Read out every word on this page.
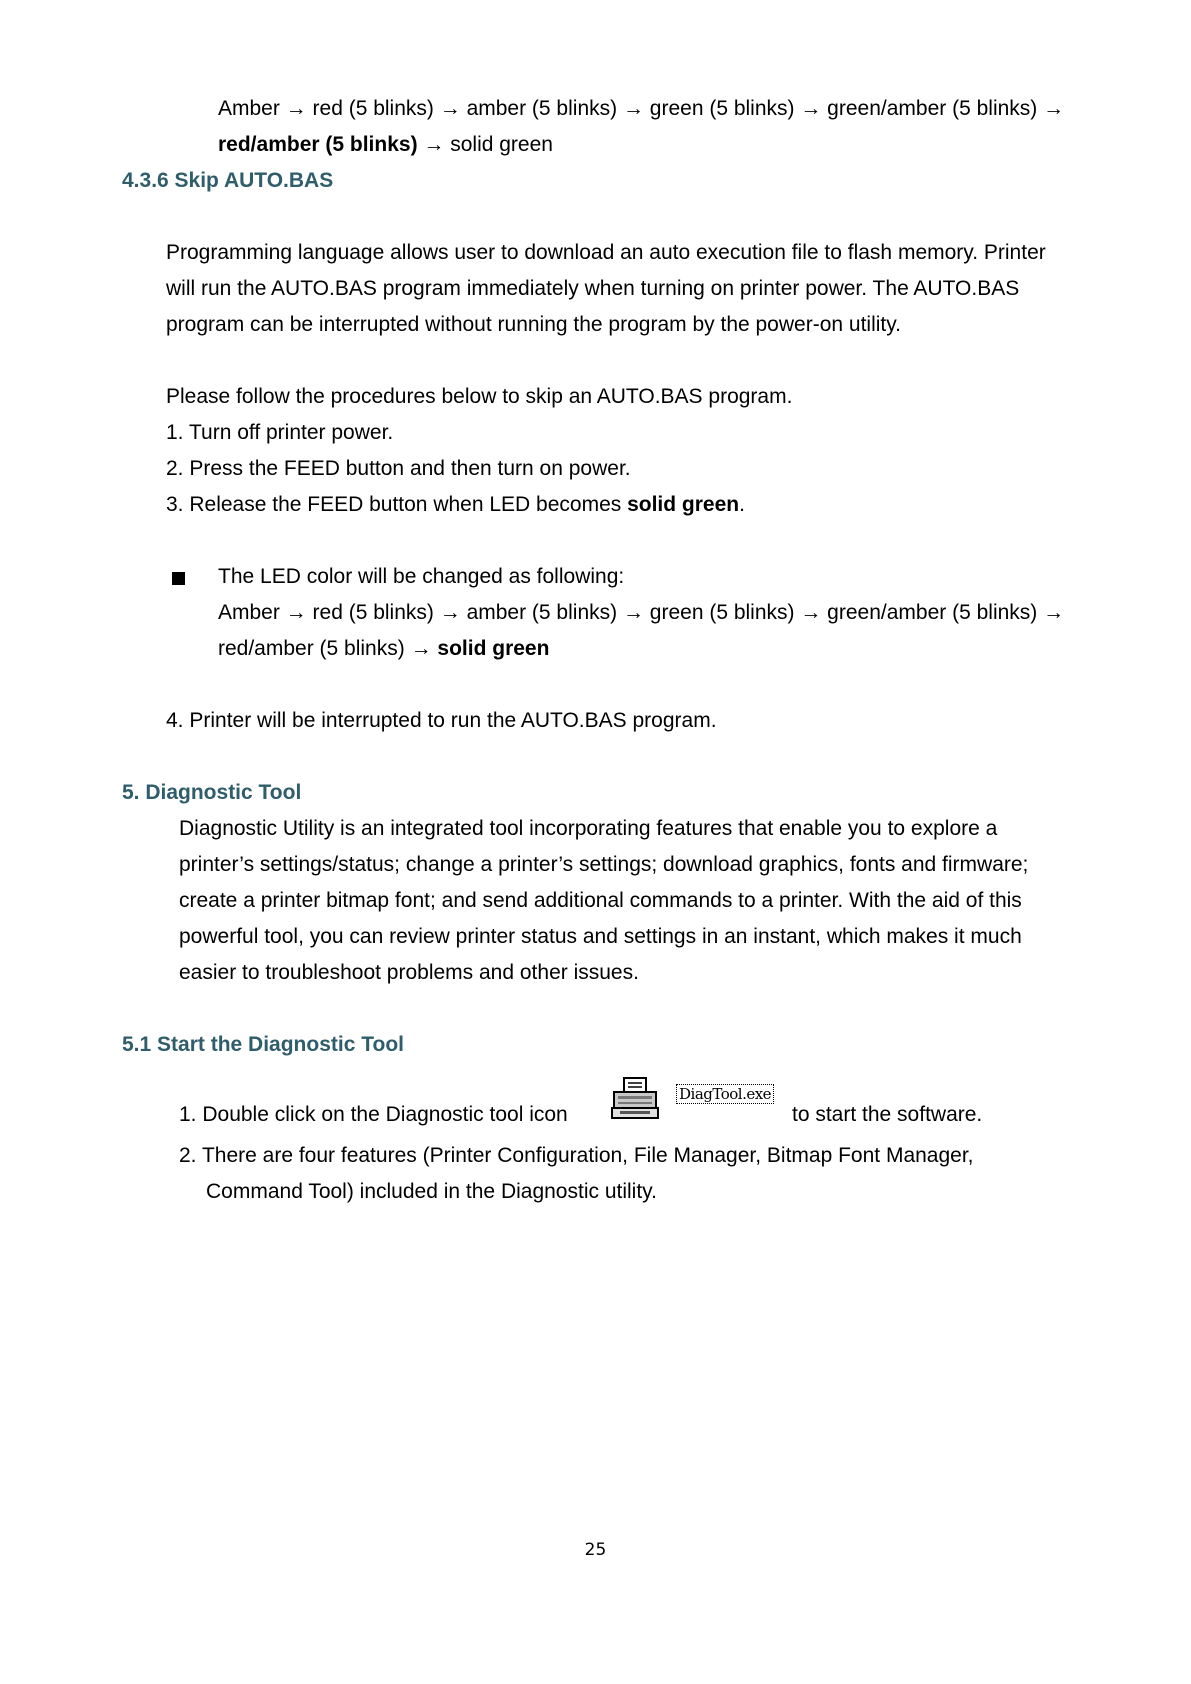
Amber → red (5 blinks) → amber (5 blinks) → green (5 blinks) → green/amber (5 blinks) →
red/amber (5 blinks) → solid green
4.3.6 Skip AUTO.BAS
Programming language allows user to download an auto execution file to flash memory. Printer
will run the AUTO.BAS program immediately when turning on printer power. The AUTO.BAS
program can be interrupted without running the program by the power-on utility.
Please follow the procedures below to skip an AUTO.BAS program.
1. Turn off printer power.
2. Press the FEED button and then turn on power.
3. Release the FEED button when LED becomes solid green.
The LED color will be changed as following:
Amber → red (5 blinks) → amber (5 blinks) → green (5 blinks) → green/amber (5 blinks) →
red/amber (5 blinks) → solid green
4. Printer will be interrupted to run the AUTO.BAS program.
5. Diagnostic Tool
Diagnostic Utility is an integrated tool incorporating features that enable you to explore a
printer’s settings/status; change a printer’s settings; download graphics, fonts and firmware;
create a printer bitmap font; and send additional commands to a printer. With the aid of this
powerful tool, you can review printer status and settings in an instant, which makes it much
easier to troubleshoot problems and other issues.
5.1 Start the Diagnostic Tool
1. Double click on the Diagnostic tool icon
DiagTool.exe
to start the software.
2. There are four features (Printer Configuration, File Manager, Bitmap Font Manager,
Command Tool) included in the Diagnostic utility.
25
